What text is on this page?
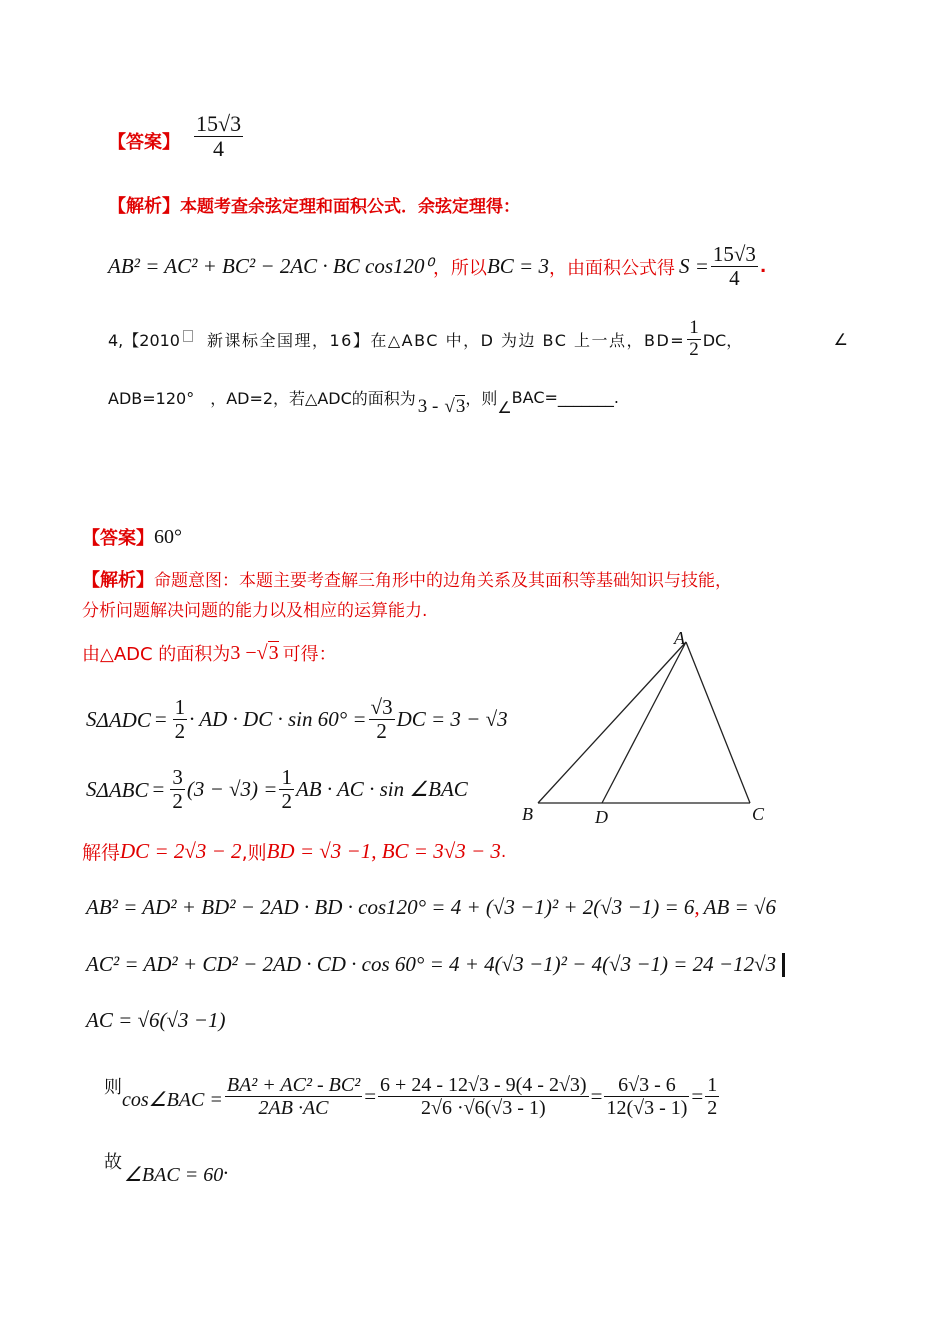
【答案】 $\frac{15√3}{4}$
【解析】本题考查余弦定理和面积公式．余弦定理得：
AB² = AC² + BC² − 2AC · BC cos120⁰ ，所以 BC = 3 ，由面积公式得 $S = \frac{15√3}{4}$ .
4,【2010 新课标全国理，16】在△ABC 中，D 为边 BC 上一点，$BD= \frac{1}{2}$ DC，	∠
ADB=120°　，AD=2，若△ADC的面积为 3 - √3 ，则 ∠
BAC=_______.
【答案】 60°
【解析】命题意图：本题主要考查解三角形中的边角关系及其面积等基础知识与技能，
分析问题解决问题的能力以及相应的运算能力.
由△ADC 的面积为 3 − √3 可得：
S $\Delta ADC = \frac{1}{2}$ · AD · DC · $\sin 60^\circ = \frac{√3}{2}$ DC = 3 − √3
S $\Delta ABC = \frac{3}{2} (3 - √3) = \frac{1}{2}$ AB · AC · sin ∠BAC
解得 DC = 2√3 − 2 ,则 BD = √3 −1, BC = 3√3 − 3 .
AB² = AD² + BD² − 2AD · BD · cos120° = 4 + (√3 −1)² + 2(√3 −1) = 6 , AB = √6
AC² = AD² + CD² − 2AD · CD · cos 60° = 4 + 4(√3 −1)² − 4(√3 −1) = 24 −12√3
AC = √6(√3 −1)
则
cos∠BAC = $\frac{\text{BA² + AC² - BC²}}{2AB \cdot AC} = \frac{6 + 24 - 12√3 - 9(4 - 2√3)}{2√6 \cdot√6(√3 - 1)} = \frac{6√3 - 6}{12(√3 - 1)} = \frac{1}{2}$
故
∠BAC = 60 .
A
B	D	C
